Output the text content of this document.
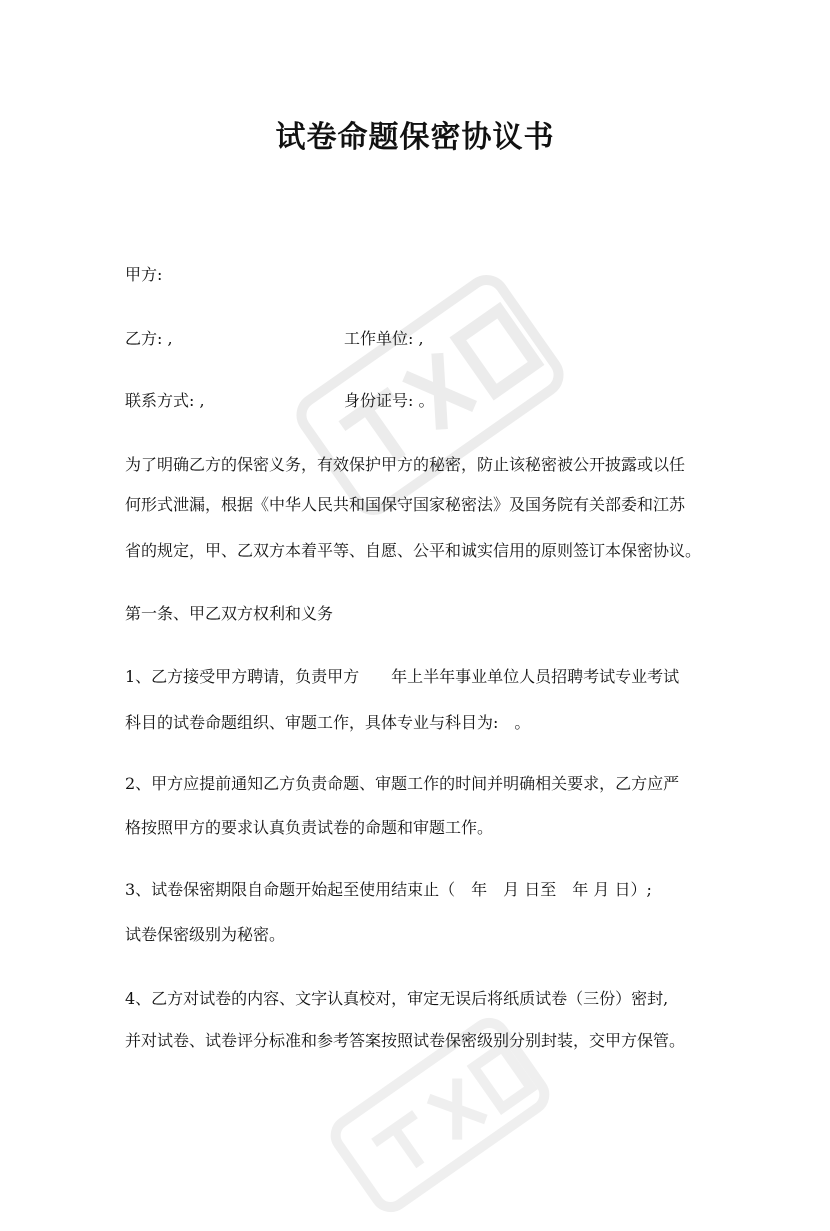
试卷命题保密协议书

甲方:

乙方: ,	工作单位: ,

联系方式: ,	身份证号: 。

为了明确乙方的保密义务，有效保护甲方的秘密，防止该秘密被公开披露或以任

何形式泄漏，根据《中华人民共和国保守国家秘密法》及国务院有关部委和江苏

省的规定，甲、乙双方本着平等、自愿、公平和诚实信用的原则签订本保密协议。

第一条、甲乙双方权利和义务

1、乙方接受甲方聘请，负责甲方　　年上半年事业单位人员招聘考试专业考试

科目的试卷命题组织、审题工作，具体专业与科目为:　。

2、甲方应提前通知乙方负责命题、审题工作的时间并明确相关要求，乙方应严

格按照甲方的要求认真负责试卷的命题和审题工作。

3、试卷保密期限自命题开始起至使用结束止（　年　月 日至　年 月 日）;

试卷保密级别为秘密。

4、乙方对试卷的内容、文字认真校对，审定无误后将纸质试卷（三份）密封,

并对试卷、试卷评分标准和参考答案按照试卷保密级别分别封装，交甲方保管。
